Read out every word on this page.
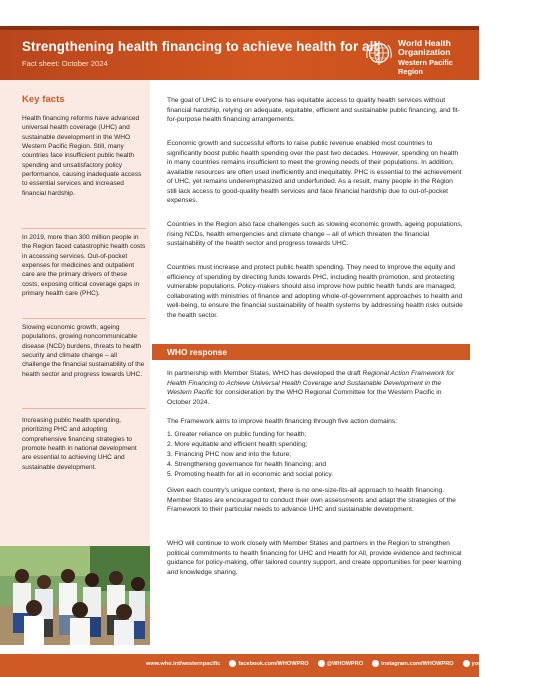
Strengthening health financing to achieve health for all
Fact sheet: October 2024
World Health
Organization
Western Pacific Region
Key facts
Health financing reforms have advanced universal health coverage (UHC) and sustainable development in the WHO Western Pacific Region. Still, many countries face insufficient public health spending and unsatisfactory policy performance, causing inadequate access to essential services and increased financial hardship.
In 2019, more than 300 million people in the Region faced catastrophic health costs in accessing services. Out-of-pocket expenses for medicines and outpatient care are the primary drivers of these costs, exposing critical coverage gaps in primary health care (PHC).
Slowing economic growth, ageing populations, growing noncommunicable disease (NCD) burdens, threats to health security and climate change – all challenge the financial sustainability of the health sector and progress towards UHC.
Increasing public health spending, prioritizing PHC and adopting comprehensive financing strategies to promote health in national development are essential to achieving UHC and sustainable development.
The goal of UHC is to ensure everyone has equitable access to quality health services without financial hardship, relying on adequate, equitable, efficient and sustainable public financing, and fit-for-purpose health financing arrangements.
Economic growth and successful efforts to raise public revenue enabled most countries to significantly boost public health spending over the past two decades. However, spending on health in many countries remains insufficient to meet the growing needs of their populations. In addition, available resources are often used inefficiently and inequitably. PHC is essential to the achievement of UHC, yet remains underemphasized and underfunded. As a result, many people in the Region still lack access to good-quality health services and face financial hardship due to out-of-pocket expenses.
Countries in the Region also face challenges such as slowing economic growth, ageing populations, rising NCDs, health emergencies and climate change – all of which threaten the financial sustainability of the health sector and progress towards UHC.
Countries must increase and protect public health spending. They need to improve the equity and efficiency of spending by directing funds towards PHC, including health promotion, and protecting vulnerable populations. Policy-makers should also improve how public health funds are managed, collaborating with ministries of finance and adopting whole-of-government approaches to health and well-being, to ensure the financial sustainability of health systems by addressing health risks outside the health sector.
WHO response
In partnership with Member States, WHO has developed the draft Regional Action Framework for Health Financing to Achieve Universal Health Coverage and Sustainable Development in the Western Pacific for consideration by the WHO Regional Committee for the Western Pacific in October 2024.
The Framework aims to improve health financing through five action domains:
1. Greater reliance on public funding for health;
2. More equitable and efficient health spending;
3. Financing PHC now and into the future;
4. Strengthening governance for health financing; and
5. Promoting health for all in economic and social policy.
Given each country's unique context, there is no one-size-fits-all approach to health financing. Member States are encouraged to conduct their own assessments and adapt the strategies of the Framework to their particular needs to advance UHC and sustainable development.
WHO will continue to work closely with Member States and partners in the Region to strengthen political commitments to health financing for UHC and Health for All, provide evidence and technical guidance for policy-making, offer tailored country support, and create opportunities for peer learning and knowledge sharing.
www.who.int/westernpacific	facebook.com/WHOWPRO	@WHOWPRO	instagram.com/WHOWPRO	youtube.com/WHOWPRO
